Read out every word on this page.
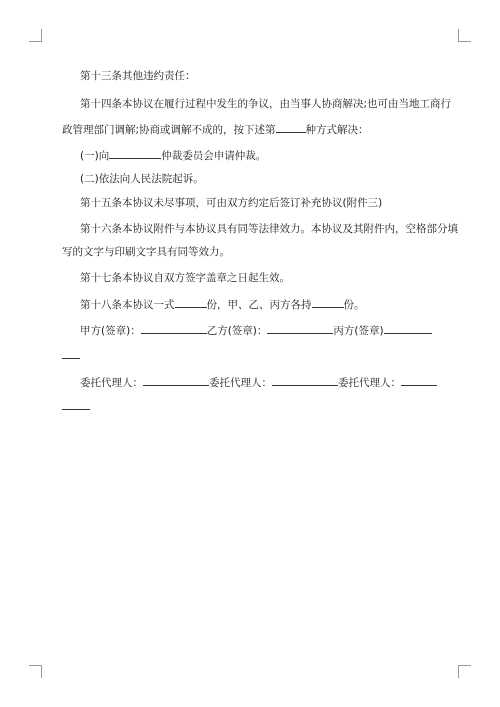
第十三条其他违约责任：
第十四条本协议在履行过程中发生的争议，由当事人协商解决;也可由当地工商行
政管理部门调解;协商或调解不成的，按下述第	种方式解决：
(一)向	仲裁委员会申请仲裁。
(二)依法向人民法院起诉。
第十五条本协议未尽事项，可由双方约定后签订补充协议(附件三)
第十六条本协议附件与本协议具有同等法律效力。本协议及其附件内，空格部分填
写的文字与印刷文字具有同等效力。
第十七条本协议自双方签字盖章之日起生效。
第十八条本协议一式	份，甲、乙、丙方各持	份。
甲方(签章)：	乙方(签章)：	丙方(签章)
委托代理人：	委托代理人：	委托代理人：
